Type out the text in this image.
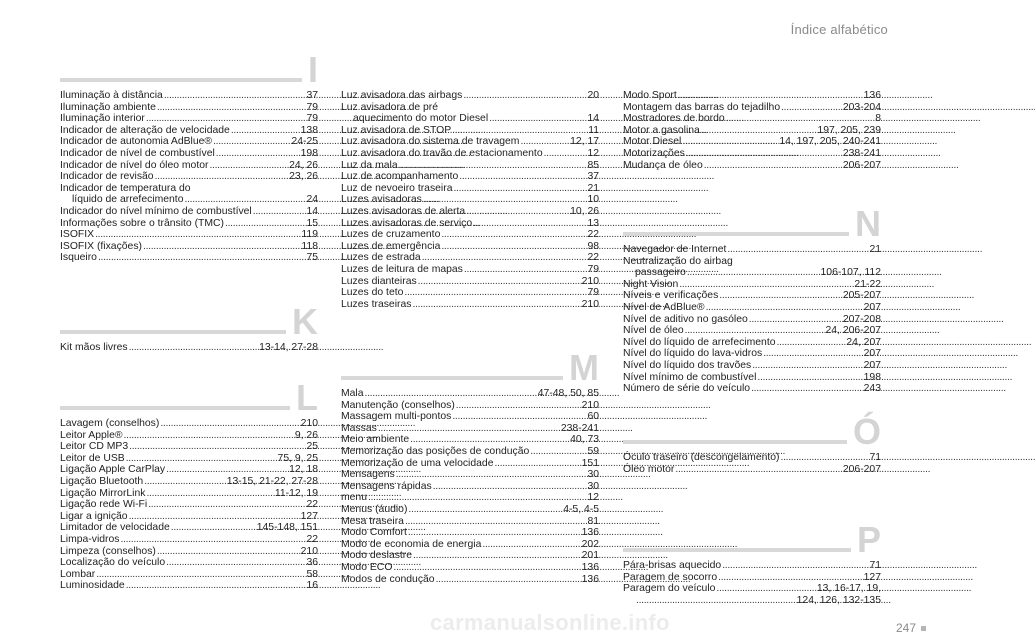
Índice alfabético
I
Iluminação à distância . . .	37
Iluminação ambiente . . .	79
Iluminação interior . . .	79
Indicador de alteração de velocidade . . .	138
Indicador de autonomia AdBlue® . . .	24-25
Indicador de nível de combustível . . .	198
Indicador de nível do óleo motor . . .	24, 26
Indicador de revisão . . .	23, 26
Indicador de temperatura do
líquido de arrefecimento . . .	24
Indicador do nível mínimo de combustível . . .	14
Informações sobre o trânsito (TMC) . . .	15
ISOFIX . . .	119
ISOFIX (fixações) . . .	118
Isqueiro . . .	75
K
Kit mãos livres . . .	13-14, 27-28
L
Lavagem (conselhos) . . .	210
Leitor Apple® . . .	9, 26
Leitor CD MP3 . . .	25
Leitor de USB . . .	75, 9, 25
Ligação Apple CarPlay . . .	12, 18
Ligação Bluetooth . . .	13-15, 21-22, 27-28
Ligação MirrorLink . . .	11-12, 19
Ligação rede Wi-Fi . . .	22
Ligar a ignição . . .	127
Limitador de velocidade . . .	145-148, 151
Limpa-vidros . . .	22
Limpeza (conselhos) . . .	210
Localização do veículo . . .	36
Lombar . . .	58
Luminosidade . . .	16
Luz avisadora das airbags . . .	20
Luz avisadora de pré
aquecimento do motor Diesel . . .	14
Luz avisadora de STOP . . .	11
Luz avisadora do sistema de travagem . . .	12, 17
Luz avisadora do travão de estacionamento . . .	12
Luz da mala . . .	85
Luz de acompanhamento . . .	37
Luz de nevoeiro traseira . . .	21
Luzes avisadoras . . .	10
Luzes avisadoras de alerta . . .	10, 26
Luzes avisadoras de serviço . . .	13
Luzes de cruzamento . . .	22
Luzes de emergência . . .	98
Luzes de estrada . . .	22
Luzes de leitura de mapas . . .	79
Luzes dianteiras . . .	210
Luzes do teto . . .	79
Luzes traseiras . . .	210
M
Mala . . .	47-48, 50, 85
Manutenção (conselhos) . . .	210
Massagem multi-pontos . . .	60
Massas . . .	238-241
Meio ambiente . . .	40, 73
Memorização das posições de condução . . .	59
Memorização de uma velocidade . . .	151
Mensagens . . .	30
Mensagens rápidas . . .	30
menu . . .	12
Menus (áudio) . . .	4-5, 4-5
Mesa traseira . . .	81
Modo Comfort . . .	136
Modo de economia de energia . . .	202
Modo deslastre . . .	201
Modo ECO . . .	136
Modos de condução . . .	136
Modo Sport . . .	136
Montagem das barras do tejadilho . . .	203-204
Mostradores de bordo . . .	8
Motor a gasolina . . .	197, 205, 239
Motor Diesel . . .	14, 197, 205, 240-241
Motorizações . . .	238-241
Mudança de óleo . . .	206-207
N
Navegador de Internet . . .	21
Neutralização do airbag
passageiro . . .	106-107, 112
Night Vision . . .	21-22
Níveis e verificações . . .	205-207
Nível de AdBlue® . . .	207
Nível de aditivo no gasóleo . . .	207-208
Nível de óleo . . .	24, 206-207
Nível do líquido de arrefecimento . . .	24, 207
Nível do líquido do lava-vidros . . .	207
Nível do líquido dos travões . . .	207
Nível mínimo de combustível . . .	198
Número de série do veículo . . .	243
Ó
Óculo traseiro (descongelamento) . . .	71
Óleo motor . . .	206-207
P
Pára-brisas aquecido . . .	71
Paragem de socorro . . .	127
Paragem do veículo . . .	13, 16-17, 19,
. . .
124, 126, 132-135
carmanualsonline.info	247
